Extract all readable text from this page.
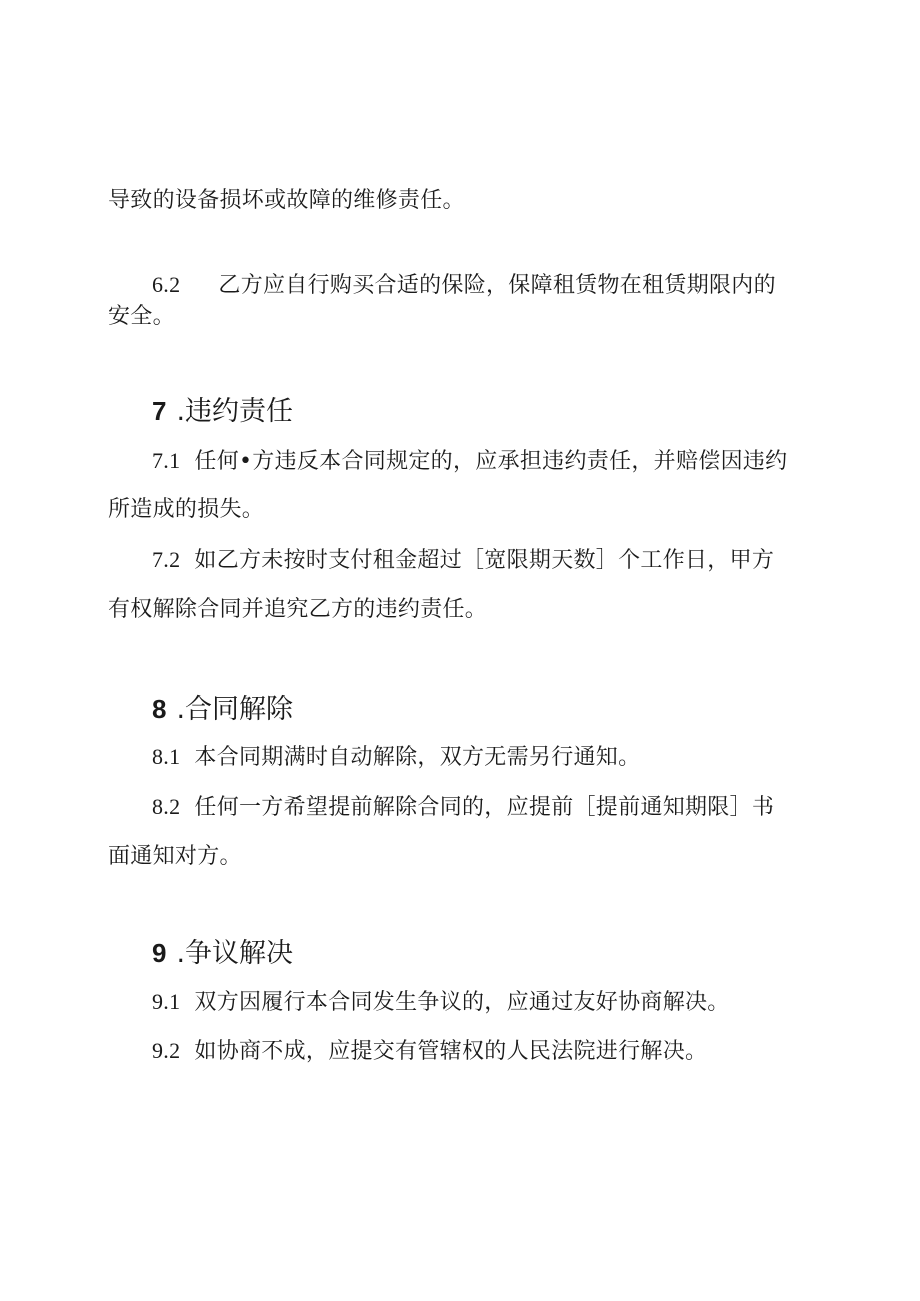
导致的设备损坏或故障的维修责任。
6.2 乙方应自行购买合适的保险，保障租赁物在租赁期限内的
安全。
7 .违约责任
7.1 任何•方违反本合同规定的，应承担违约责任，并赔偿因违约
所造成的损失。
7.2 如乙方未按时支付租金超过［宽限期天数］个工作日，甲方
有权解除合同并追究乙方的违约责任。
8 .合同解除
8.1 本合同期满时自动解除，双方无需另行通知。
8.2 任何一方希望提前解除合同的，应提前［提前通知期限］书
面通知对方。
9 .争议解决
9.1 双方因履行本合同发生争议的，应通过友好协商解决。
9.2 如协商不成，应提交有管辖权的人民法院进行解决。
